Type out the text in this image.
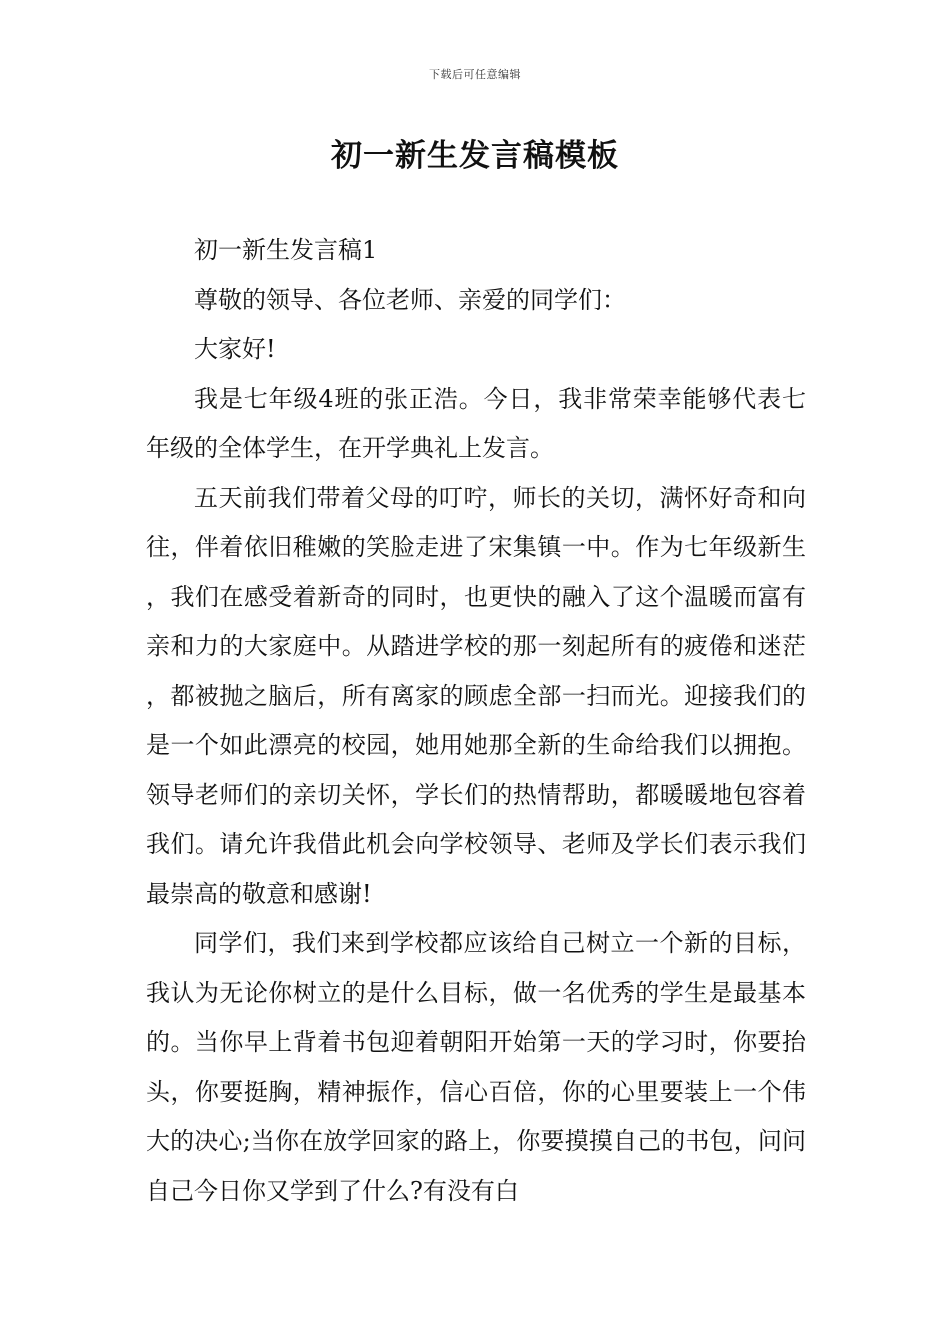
下载后可任意编辑
初一新生发言稿模板

初一新生发言稿1

尊敬的领导、各位老师、亲爱的同学们：

大家好!

我是七年级4班的张正浩。今日，我非常荣幸能够代表七年级的全体学生，在开学典礼上发言。

五天前我们带着父母的叮咛，师长的关切，满怀好奇和向往，伴着依旧稚嫩的笑脸走进了宋集镇一中。作为七年级新生，我们在感受着新奇的同时，也更快的融入了这个温暖而富有亲和力的大家庭中。从踏进学校的那一刻起所有的疲倦和迷茫，都被抛之脑后，所有离家的顾虑全部一扫而光。迎接我们的是一个如此漂亮的校园，她用她那全新的生命给我们以拥抱。领导老师们的亲切关怀，学长们的热情帮助，都暖暖地包容着我们。请允许我借此机会向学校领导、老师及学长们表示我们最崇高的敬意和感谢!

同学们，我们来到学校都应该给自己树立一个新的目标，我认为无论你树立的是什么目标，做一名优秀的学生是最基本的。当你早上背着书包迎着朝阳开始第一天的学习时，你要抬头，你要挺胸，精神振作，信心百倍，你的心里要装上一个伟大的决心;当你在放学回家的路上，你要摸摸自己的书包，问问自己今日你又学到了什么?有没有白
